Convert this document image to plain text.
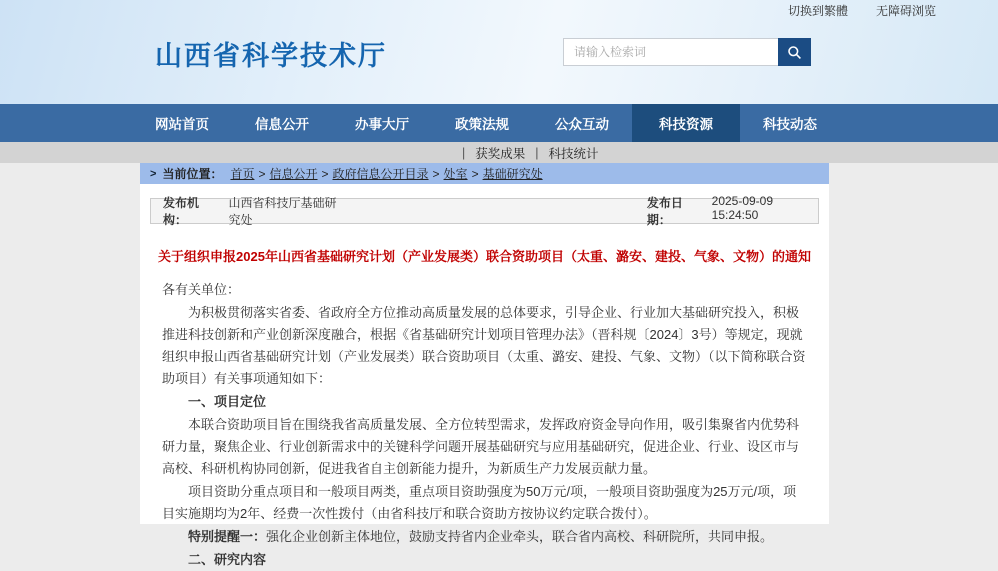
切换到繁體 无障碍浏览
山西省科学技术厅
请输入检索词
网站首页	信息公开	办事大厅	政策法规	公众互动	科技资源	科技动态
| 获奖成果 | 科技统计
> 当前位置： 首页 > 信息公开 > 政府信息公开目录 > 处室 > 基础研究处
发布机构：
山西省科技厅基础研究处
发布日期：
2025-09-09 15:24:50
关于组织申报2025年山西省基础研究计划（产业发展类）联合资助项目（太重、潞安、建投、气象、文物）的通知

各有关单位：

为积极贯彻落实省委、省政府全方位推动高质量发展的总体要求，引导企业、行业加大基础研究投入，积极推进科技创新和产业创新深度融合，根据《省基础研究计划项目管理办法》（晋科规〔2024〕3号）等规定，现就组织申报山西省基础研究计划（产业发展类）联合资助项目（太重、潞安、建投、气象、文物）（以下简称联合资助项目）有关事项通知如下：

一、项目定位

本联合资助项目旨在围绕我省高质量发展、全方位转型需求，发挥政府资金导向作用，吸引集聚省内优势科研力量，聚焦企业、行业创新需求中的关键科学问题开展基础研究与应用基础研究，促进企业、行业、设区市与高校、科研机构协同创新，促进我省自主创新能力提升，为新质生产力发展贡献力量。

项目资助分重点项目和一般项目两类，重点项目资助强度为50万元/项，一般项目资助强度为25万元/项，项目实施期均为2年、经费一次性拨付（由省科技厅和联合资助方按协议约定联合拨付）。

特别提醒一：强化企业创新主体地位，鼓励支持省内企业牵头，联合省内高校、科研院所，共同申报。

二、研究内容
